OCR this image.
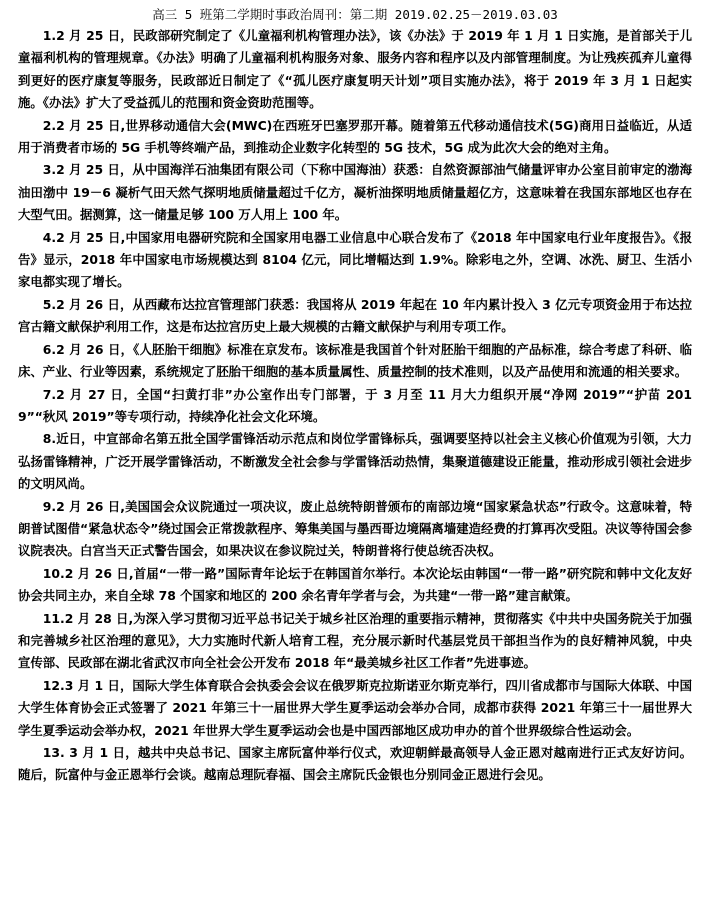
高三 5 班第二学期时事政治周刊：第二期 2019.02.25－2019.03.03

1.2 月 25 日，民政部研究制定了《儿童福利机构管理办法》，该《办法》于 2019 年 1 月 1 日实施，是首部关于儿童福利机构的管理规章。《办法》明确了儿童福利机构服务对象、服务内容和程序以及内部管理制度。为让残疾孤弃儿童得到更好的医疗康复等服务，民政部近日制定了《“孤儿医疗康复明天计划”项目实施办法》，将于 2019 年 3 月 1 日起实施。《办法》扩大了受益孤儿的范围和资金资助范围等。

2.2 月 25 日,世界移动通信大会(MWC)在西班牙巴塞罗那开幕。随着第五代移动通信技术(5G)商用日益临近，从适用于消费者市场的 5G 手机等终端产品，到推动企业数字化转型的 5G 技术，5G 成为此次大会的绝对主角。

3.2 月 25 日，从中国海洋石油集团有限公司（下称中国海油）获悉：自然资源部油气储量评审办公室目前审定的渤海油田渤中 19－6 凝析气田天然气探明地质储量超过千亿方，凝析油探明地质储量超亿方，这意味着在我国东部地区也存在大型气田。据测算，这一储量足够 100 万人用上 100 年。

4.2 月 25 日,中国家用电器研究院和全国家用电器工业信息中心联合发布了《2018 年中国家电行业年度报告》。《报告》显示，2018 年中国家电市场规模达到 8104 亿元，同比增幅达到 1.9%。除彩电之外，空调、冰洗、厨卫、生活小家电都实现了增长。

5.2 月 26 日，从西藏布达拉宫管理部门获悉：我国将从 2019 年起在 10 年内累计投入 3 亿元专项资金用于布达拉宫古籍文献保护利用工作，这是布达拉宫历史上最大规模的古籍文献保护与利用专项工作。

6.2 月 26 日，《人胚胎干细胞》标准在京发布。该标准是我国首个针对胚胎干细胞的产品标准，综合考虑了科研、临床、产业、行业等因素，系统规定了胚胎干细胞的基本质量属性、质量控制的技术准则，以及产品使用和流通的相关要求。

7.2 月 27 日，全国“扫黄打非”办公室作出专门部署，于 3 月至 11 月大力组织开展“净网 2019”“护苗 2019”“秋风 2019”等专项行动，持续净化社会文化环境。

8.近日，中宣部命名第五批全国学雷锋活动示范点和岗位学雷锋标兵，强调要坚持以社会主义核心价值观为引领，大力弘扬雷锋精神，广泛开展学雷锋活动，不断激发全社会参与学雷锋活动热情，集聚道德建设正能量，推动形成引领社会进步的文明风尚。

9.2 月 26 日,美国国会众议院通过一项决议，废止总统特朗普颁布的南部边境“国家紧急状态”行政令。这意味着，特朗普试图借“紧急状态令”绕过国会正常拨款程序、筹集美国与墨西哥边境隔离墙建造经费的打算再次受阻。决议等待国会参议院表决。白宫当天正式警告国会，如果决议在参议院过关，特朗普将行使总统否决权。

10.2 月 26 日,首届“一带一路”国际青年论坛于在韩国首尔举行。本次论坛由韩国“一带一路”研究院和韩中文化友好协会共同主办，来自全球 78 个国家和地区的 200 余名青年学者与会，为共建“一带一路”建言献策。

11.2 月 28 日,为深入学习贯彻习近平总书记关于城乡社区治理的重要指示精神，贯彻落实《中共中央国务院关于加强和完善城乡社区治理的意见》，大力实施时代新人培育工程，充分展示新时代基层党员干部担当作为的良好精神风貌，中央宣传部、民政部在湖北省武汉市向全社会公开发布 2018 年“最美城乡社区工作者”先进事迹。

12.3 月 1 日，国际大学生体育联合会执委会会议在俄罗斯克拉斯诺亚尔斯克举行，四川省成都市与国际大体联、中国大学生体育协会正式签署了 2021 年第三十一届世界大学生夏季运动会举办合同，成都市获得 2021 年第三十一届世界大学生夏季运动会举办权，2021 年世界大学生夏季运动会也是中国西部地区成功申办的首个世界级综合性运动会。

13. 3 月 1 日，越共中央总书记、国家主席阮富仲举行仪式，欢迎朝鲜最高领导人金正恩对越南进行正式友好访问。随后，阮富仲与金正恩举行会谈。越南总理阮春福、国会主席阮氏金银也分别同金正恩进行会见。
